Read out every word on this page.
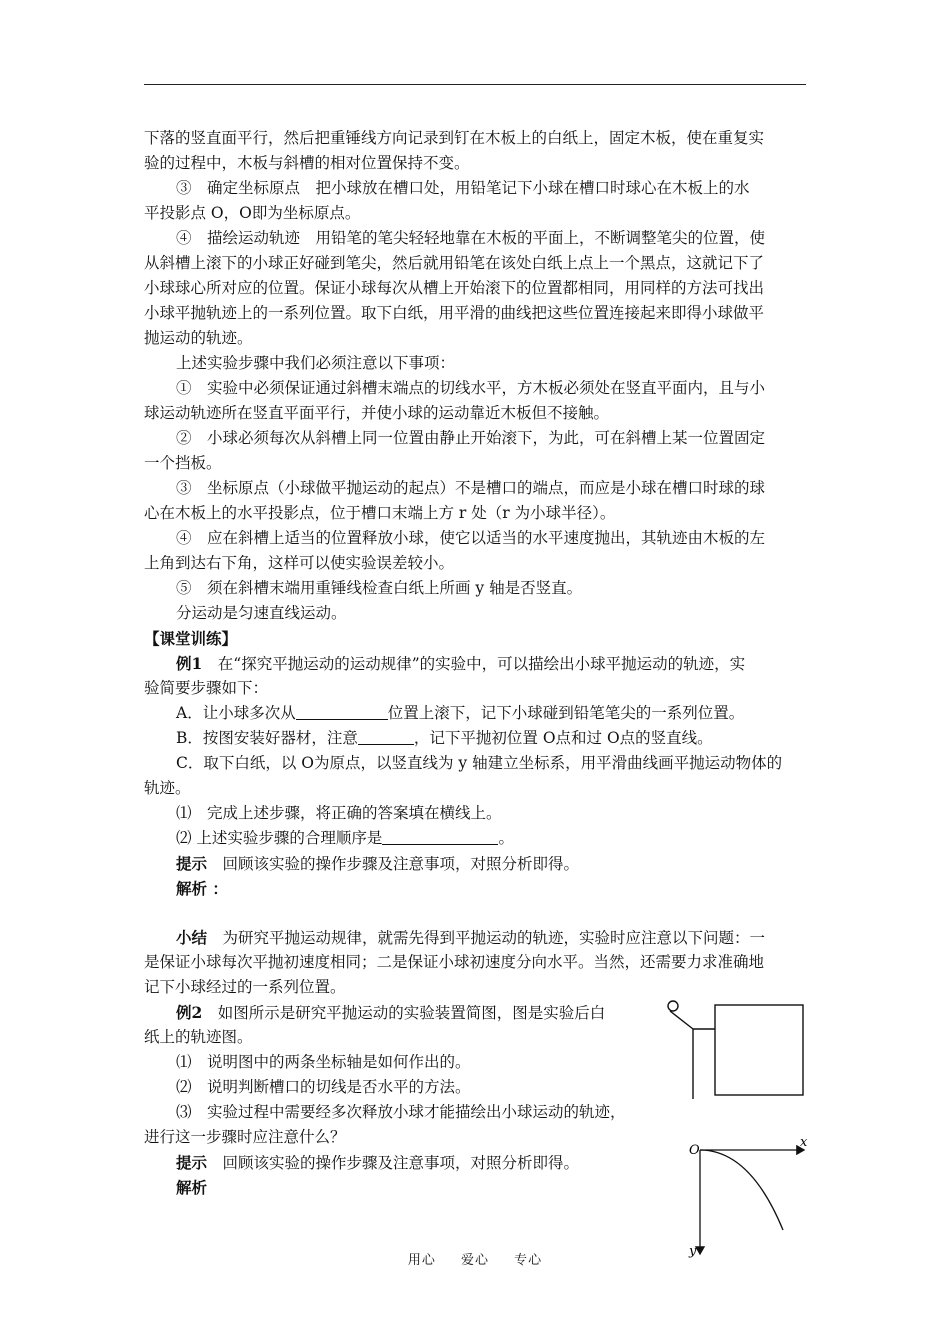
下落的竖直面平行，然后把重锤线方向记录到钉在木板上的白纸上，固定木板，使在重复实
验的过程中，木板与斜槽的相对位置保持不变。
③　确定坐标原点　把小球放在槽口处，用铅笔记下小球在槽口时球心在木板上的水
平投影点 O，O即为坐标原点。
④　描绘运动轨迹　用铅笔的笔尖轻轻地靠在木板的平面上，不断调整笔尖的位置，使
从斜槽上滚下的小球正好碰到笔尖，然后就用铅笔在该处白纸上点上一个黑点，这就记下了
小球球心所对应的位置。保证小球每次从槽上开始滚下的位置都相同，用同样的方法可找出
小球平抛轨迹上的一系列位置。取下白纸，用平滑的曲线把这些位置连接起来即得小球做平
抛运动的轨迹。
上述实验步骤中我们必须注意以下事项：
①　实验中必须保证通过斜槽末端点的切线水平，方木板必须处在竖直平面内，且与小
球运动轨迹所在竖直平面平行，并使小球的运动靠近木板但不接触。
②　小球必须每次从斜槽上同一位置由静止开始滚下，为此，可在斜槽上某一位置固定
一个挡板。
③　坐标原点（小球做平抛运动的起点）不是槽口的端点，而应是小球在槽口时球的球
心在木板上的水平投影点，位于槽口末端上方 r 处（r 为小球半径）。
④　应在斜槽上适当的位置释放小球，使它以适当的水平速度抛出，其轨迹由木板的左
上角到达右下角，这样可以使实验误差较小。
⑤　须在斜槽末端用重锤线检查白纸上所画 y 轴是否竖直。
分运动是匀速直线运动。
【课堂训练】
例1　在“探究平抛运动的运动规律”的实验中，可以描绘出小球平抛运动的轨迹，实
验简要步骤如下：
A．让小球多次从	位置上滚下，记下小球碰到铅笔笔尖的一系列位置。
B．按图安装好器材，注意	，记下平抛初位置 O点和过 O点的竖直线。
C．取下白纸，以 O为原点，以竖直线为 y 轴建立坐标系，用平滑曲线画平抛运动物体的
轨迹。
⑴　完成上述步骤，将正确的答案填在横线上。
⑵ 上述实验步骤的合理顺序是	。
提示　回顾该实验的操作步骤及注意事项，对照分析即得。
解析 ：
小结　为研究平抛运动规律，就需先得到平抛运动的轨迹，实验时应注意以下问题：一
是保证小球每次平抛初速度相同；二是保证小球初速度分向水平。当然，还需要力求准确地
记下小球经过的一系列位置。
例2　如图所示是研究平抛运动的实验装置简图，图是实验后白
纸上的轨迹图。
⑴　说明图中的两条坐标轴是如何作出的。
⑵　说明判断槽口的切线是否水平的方法。
⑶　实验过程中需要经多次释放小球才能描绘出小球运动的轨迹，
进行这一步骤时应注意什么？
提示　回顾该实验的操作步骤及注意事项，对照分析即得。
解析
O
x
y
用心 爱心 专心
